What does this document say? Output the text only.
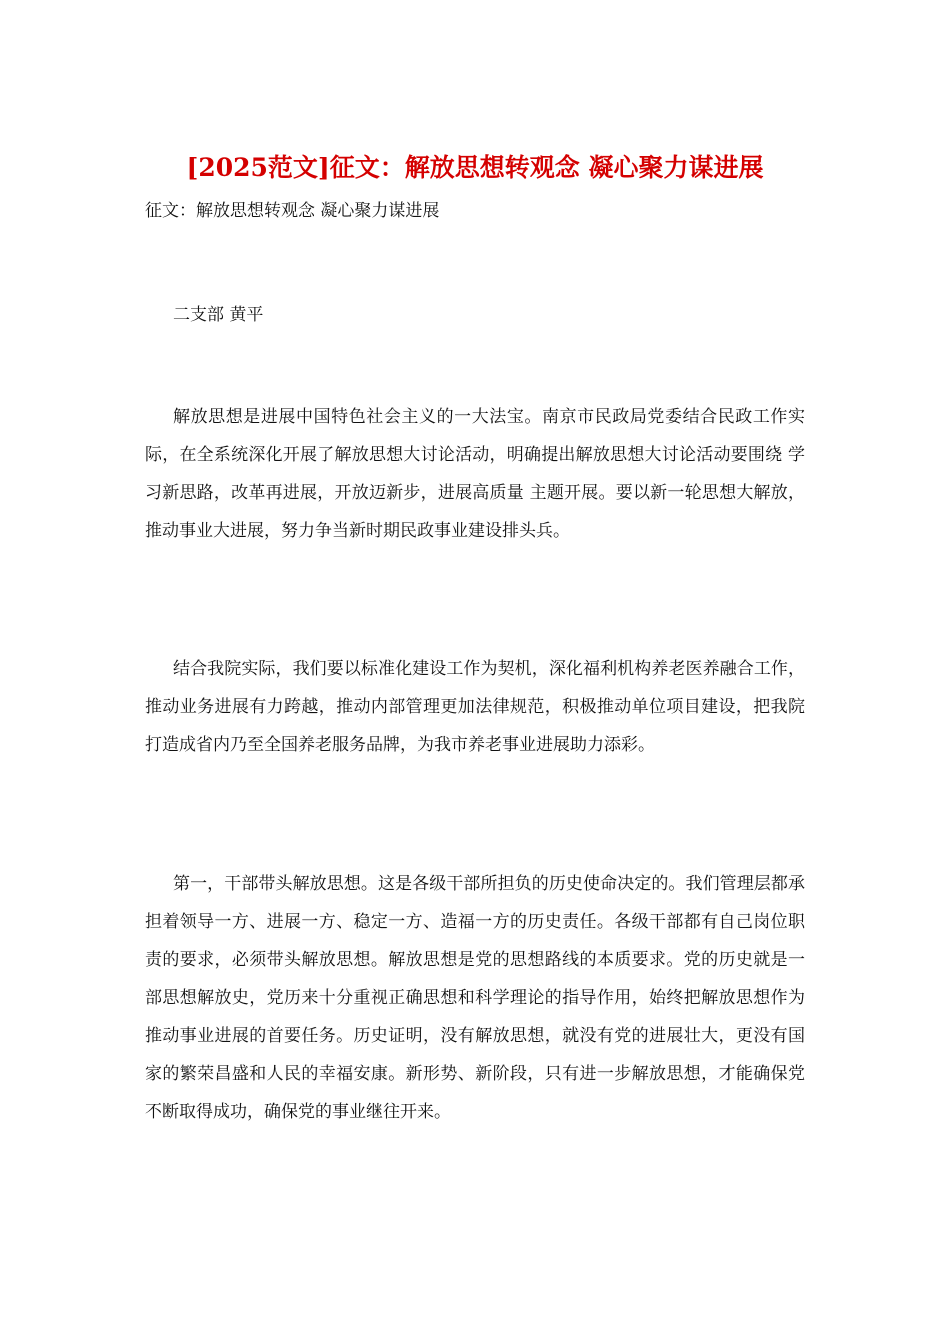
[2025范文]征文：解放思想转观念 凝心聚力谋进展

征文：解放思想转观念 凝心聚力谋进展

二支部 黄平

解放思想是进展中国特色社会主义的一大法宝。南京市民政局党委结合民政工作实际，在全系统深化开展了解放思想大讨论活动，明确提出解放思想大讨论活动要围绕 学习新思路，改革再进展，开放迈新步，进展高质量 主题开展。要以新一轮思想大解放，推动事业大进展，努力争当新时期民政事业建设排头兵。

结合我院实际，我们要以标准化建设工作为契机，深化福利机构养老医养融合工作，推动业务进展有力跨越，推动内部管理更加法律规范，积极推动单位项目建设，把我院打造成省内乃至全国养老服务品牌，为我市养老事业进展助力添彩。

第一，干部带头解放思想。这是各级干部所担负的历史使命决定的。我们管理层都承担着领导一方、进展一方、稳定一方、造福一方的历史责任。各级干部都有自己岗位职责的要求，必须带头解放思想。解放思想是党的思想路线的本质要求。党的历史就是一部思想解放史，党历来十分重视正确思想和科学理论的指导作用，始终把解放思想作为推动事业进展的首要任务。历史证明，没有解放思想，就没有党的进展壮大，更没有国家的繁荣昌盛和人民的幸福安康。新形势、新阶段，只有进一步解放思想，才能确保党不断取得成功，确保党的事业继往开来。
